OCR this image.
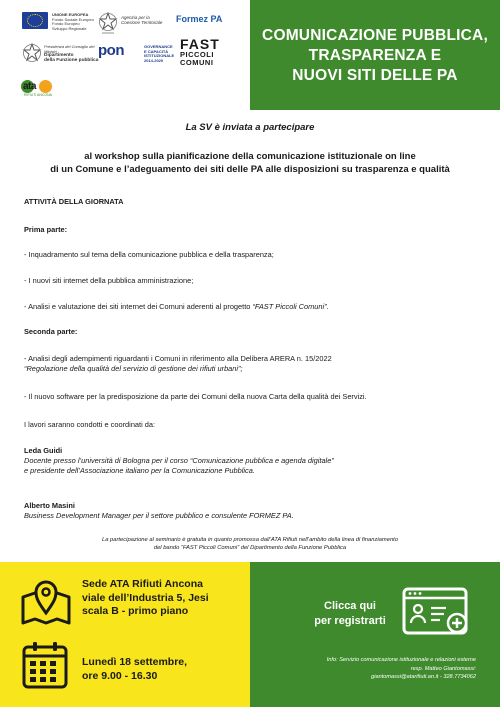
UNIONE EUROPEA
Fondo Sociale Europeo
Fondo Europeo Sviluppo Regionale
Agenzia per la
Coesione Territoriale	Formez PA
Presidenza del Consiglio dei Ministri
Dipartimento
della Funzione pubblica
pon	GOVERNANCE
E CAPACITÀ
ISTITUZIONALE
2014-2020
FAST
PICCOLI
COMUNI
ata
RIFIUTI ANCONA
COMUNICAZIONE PUBBLICA,
TRASPARENZA E
NUOVI SITI DELLE PA
La SV è inviata a partecipare
al workshop sulla pianificazione della comunicazione istituzionale on line
di un Comune e l’adeguamento dei siti delle PA alle disposizioni su trasparenza e qualità
ATTIVITÀ DELLA GIORNATA
Prima parte:
- Inquadramento sul tema della comunicazione pubblica e della trasparenza;
- I nuovi siti internet della pubblica amministrazione;
- Analisi e valutazione dei siti internet dei Comuni aderenti al progetto “FAST Piccoli Comuni”.
Seconda parte:
- Analisi degli adempimenti riguardanti i Comuni in riferimento alla Delibera ARERA n. 15/2022
“Regolazione della qualità del servizio di gestione dei rifiuti urbani”;
- Il nuovo software per la predisposizione da parte dei Comuni della nuova Carta della qualità dei Servizi.
I lavori saranno condotti e coordinati da:
Leda Guidi
Docente presso l’università di Bologna per il corso “Comunicazione pubblica e agenda digitale”
e presidente dell’Associazione italiano per la Comunicazione Pubblica.
Alberto Masini
Business Development Manager per il settore pubblico e consulente FORMEZ PA.
La partecipazione al seminario è gratuita in quanto promossa dall’ATA Rifiuti nell’ambito della linea di finanziamento
del bando “FAST Piccoli Comuni” del Dipartimento della Funzione Pubblica
Sede ATA Rifiuti Ancona
viale dell’Industria 5, Jesi
scala B - primo piano
Lunedì 18 settembre,
ore 9.00 - 16.30
Clicca qui
per registrarti
Info: Servizio comunicazione istituzionale e relazioni esterne
resp. Matteo Giantomassi:
giantomassi@atarifiuti.an.it - 328.7734062
